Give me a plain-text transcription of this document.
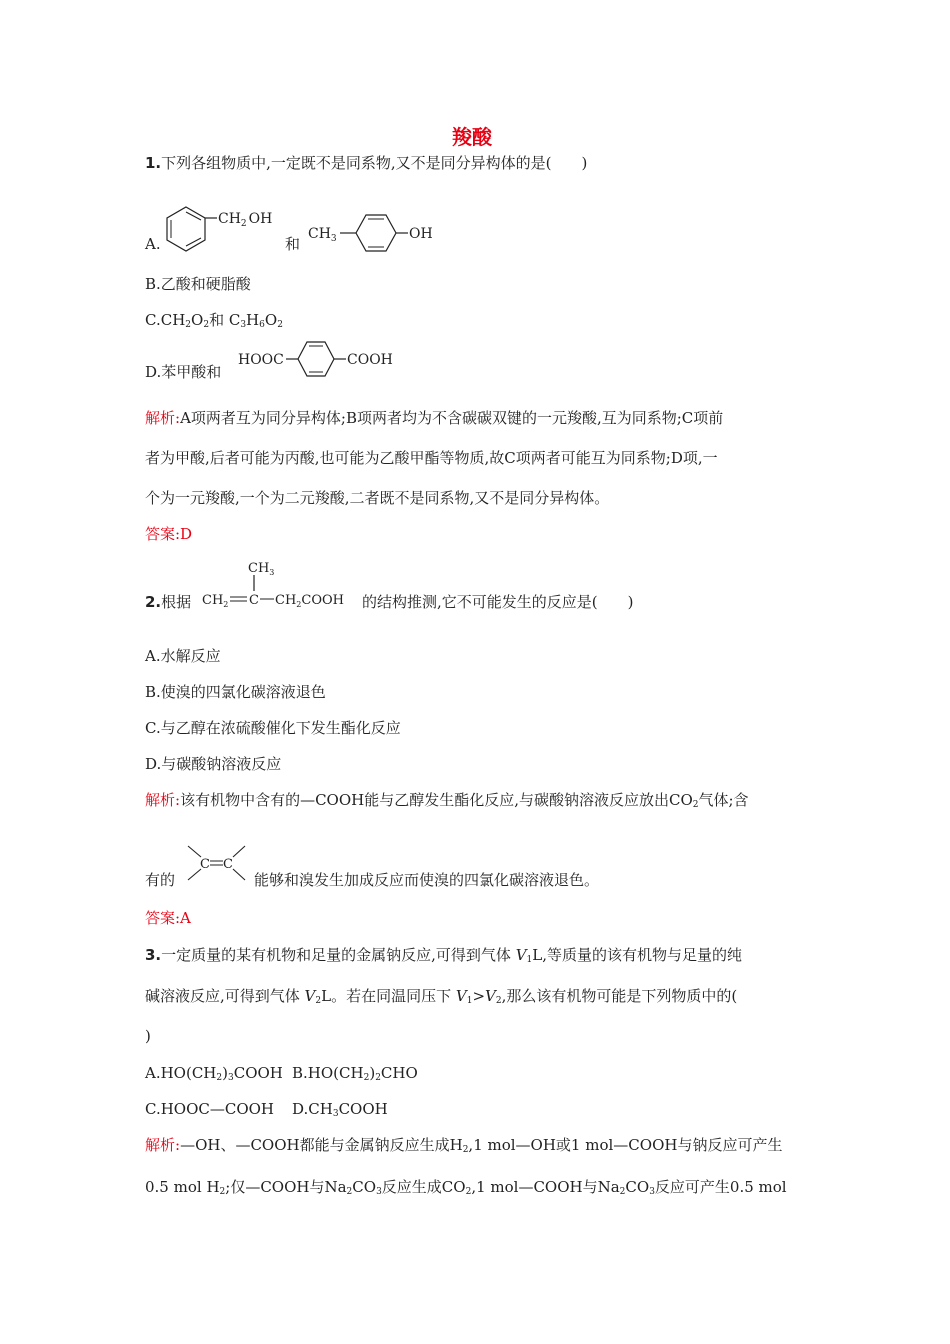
羧酸
1.下列各组物质中,一定既不是同系物,又不是同分异构体的是(　　)
A.
$CH_2$ OH
和
$CH_3$	OH
B.乙酸和硬脂酸
$C.CH_2O_2$和 $C_3H_6O_2$
D.苯甲酸和
HOOC	COOH
解析:A项两者互为同分异构体;B项两者均为不含碳碳双键的一元羧酸,互为同系物;C项前
者为甲酸,后者可能为丙酸,也可能为乙酸甲酯等物质,故C项两者可能互为同系物;D项,一
个为一元羧酸,一个为二元羧酸,二者既不是同系物,又不是同分异构体。
答案:D
$CH_3$
$CH_2$ C $CH_2COOH$
2.根据	的结构推测,它不可能发生的反应是(　　)
A.水解反应
B.使溴的四氯化碳溶液退色
C.与乙醇在浓硫酸催化下发生酯化反应
D.与碳酸钠溶液反应
解析:该有机物中含有的—COOH能与乙醇发生酯化反应,与碳酸钠溶液反应放出$CO_2$气体;含
有的
C C
能够和溴发生加成反应而使溴的四氯化碳溶液退色。
答案:A
3.一定质量的某有机物和足量的金属钠反应,可得到气体 $V_1L$,等质量的该有机物与足量的纯
碱溶液反应,可得到气体 $V_2L$。若在同温同压下 $V_1>V_2$,那么该有机物可能是下列物质中的(
)
$A.HO(CH_2)_3COOH$ $B.HO(CH_2)_2CHO$
C.HOOC—COOH $D.CH_3COOH$
解析:—OH、—COOH都能与金属钠反应生成$H_2,1$ mol—OH或1 mol—COOH与钠反应可产生
0.5 mol $H_2$;仅—COOH与$Na_2CO_3$反应生成$CO_2,1$ mol—COOH与$Na_2CO_3$反应可产生0.5 mol
